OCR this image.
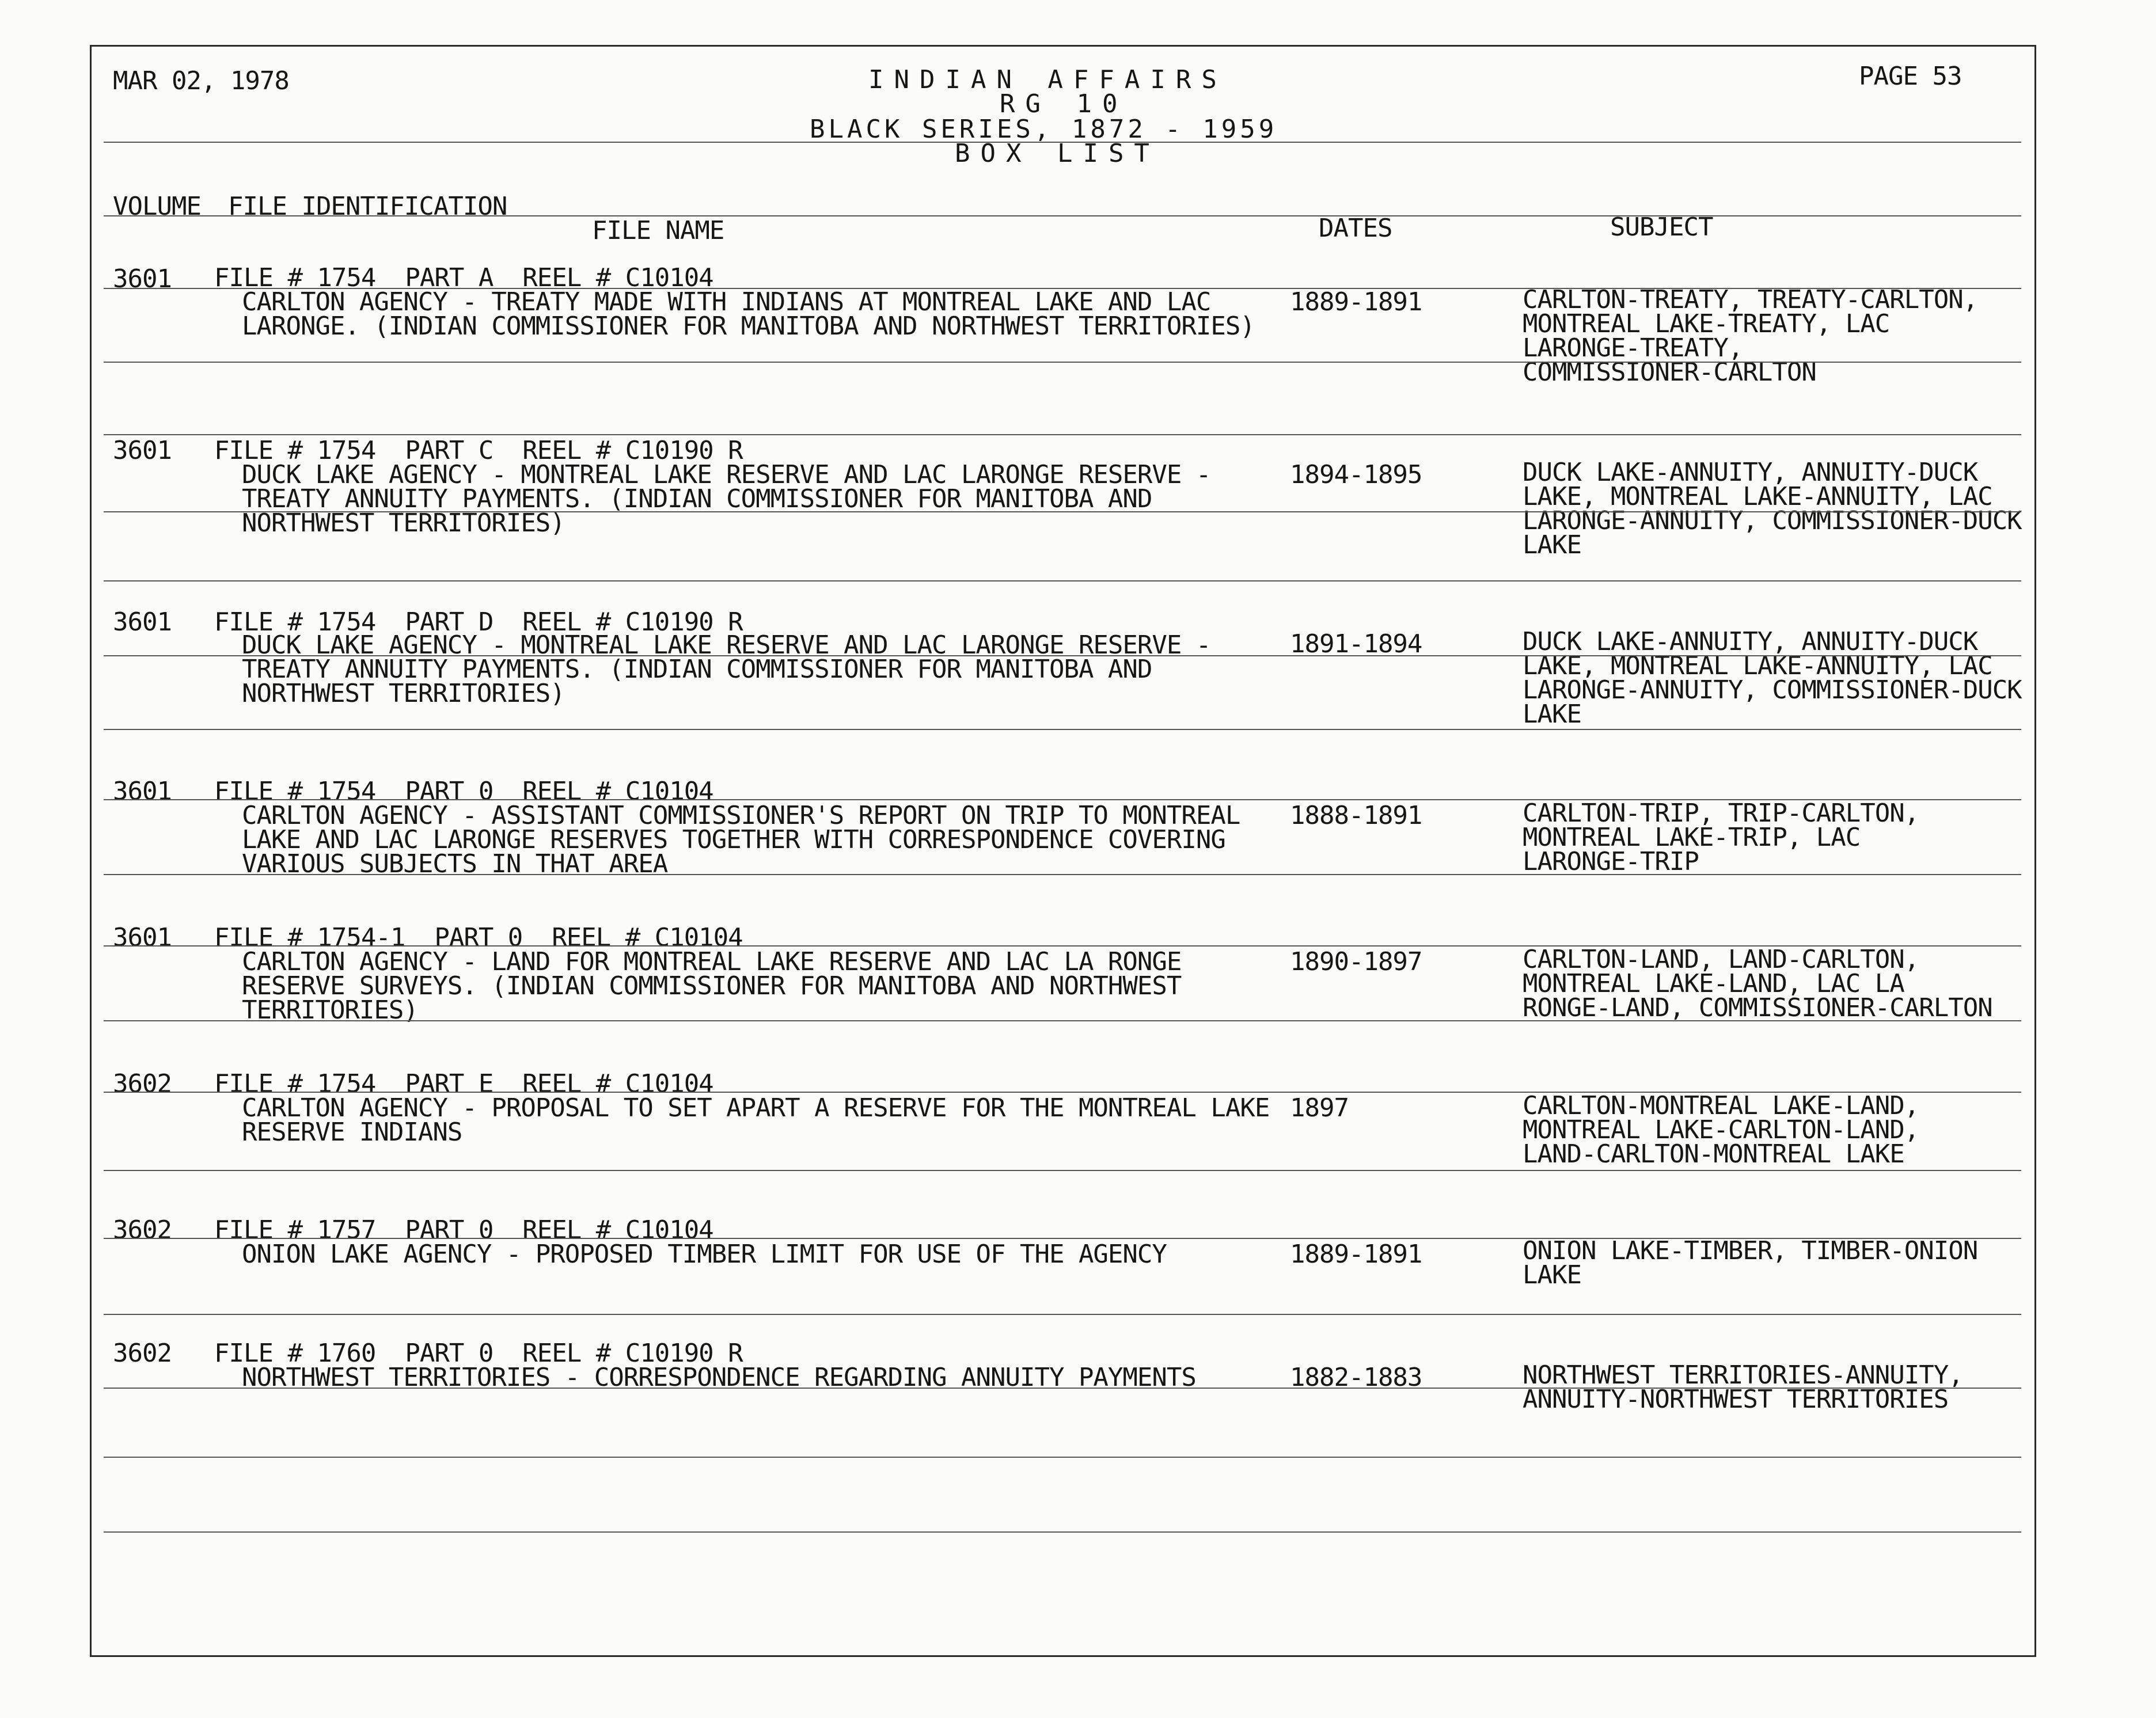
MAR 02, 1978	INDIAN AFFAIRS
RG 10
BLACK SERIES, 1872 - 1959
BOX LIST
PAGE 53
VOLUME FILE IDENTIFICATION
FILE NAME	DATES	SUBJECT
3601 FILE # 1754  PART A  REEL # C10104
CARLTON AGENCY - TREATY MADE WITH INDIANS AT MONTREAL LAKE AND LAC
LARONGE. (INDIAN COMMISSIONER FOR MANITOBA AND NORTHWEST TERRITORIES)
1889-1891	CARLTON-TREATY, TREATY-CARLTON,
MONTREAL LAKE-TREATY, LAC
LARONGE-TREATY,
COMMISSIONER-CARLTON
3601 FILE # 1754  PART C  REEL # C10190 R
DUCK LAKE AGENCY - MONTREAL LAKE RESERVE AND LAC LARONGE RESERVE -
TREATY ANNUITY PAYMENTS. (INDIAN COMMISSIONER FOR MANITOBA AND
NORTHWEST TERRITORIES)
1894-1895	DUCK LAKE-ANNUITY, ANNUITY-DUCK
LAKE, MONTREAL LAKE-ANNUITY, LAC
LARONGE-ANNUITY, COMMISSIONER-DUCK
LAKE
3601 FILE # 1754  PART D  REEL # C10190 R
DUCK LAKE AGENCY - MONTREAL LAKE RESERVE AND LAC LARONGE RESERVE -
TREATY ANNUITY PAYMENTS. (INDIAN COMMISSIONER FOR MANITOBA AND
NORTHWEST TERRITORIES)
1891-1894	DUCK LAKE-ANNUITY, ANNUITY-DUCK
LAKE, MONTREAL LAKE-ANNUITY, LAC
LARONGE-ANNUITY, COMMISSIONER-DUCK
LAKE
3601 FILE # 1754  PART 0  REEL # C10104
CARLTON AGENCY - ASSISTANT COMMISSIONER'S REPORT ON TRIP TO MONTREAL
LAKE AND LAC LARONGE RESERVES TOGETHER WITH CORRESPONDENCE COVERING
VARIOUS SUBJECTS IN THAT AREA
1888-1891	CARLTON-TRIP, TRIP-CARLTON,
MONTREAL LAKE-TRIP, LAC
LARONGE-TRIP
3601 FILE # 1754-1  PART 0  REEL # C10104
CARLTON AGENCY - LAND FOR MONTREAL LAKE RESERVE AND LAC LA RONGE
RESERVE SURVEYS. (INDIAN COMMISSIONER FOR MANITOBA AND NORTHWEST
TERRITORIES)
1890-1897	CARLTON-LAND, LAND-CARLTON,
MONTREAL LAKE-LAND, LAC LA
RONGE-LAND, COMMISSIONER-CARLTON
3602 FILE # 1754  PART E  REEL # C10104
CARLTON AGENCY - PROPOSAL TO SET APART A RESERVE FOR THE MONTREAL LAKE
RESERVE INDIANS
1897	CARLTON-MONTREAL LAKE-LAND,
MONTREAL LAKE-CARLTON-LAND,
LAND-CARLTON-MONTREAL LAKE
3602 FILE # 1757  PART 0  REEL # C10104
ONION LAKE AGENCY - PROPOSED TIMBER LIMIT FOR USE OF THE AGENCY	1889-1891	ONION LAKE-TIMBER, TIMBER-ONION
LAKE
3602 FILE # 1760  PART 0  REEL # C10190 R
NORTHWEST TERRITORIES - CORRESPONDENCE REGARDING ANNUITY PAYMENTS	1882-1883	NORTHWEST TERRITORIES-ANNUITY,
ANNUITY-NORTHWEST TERRITORIES
